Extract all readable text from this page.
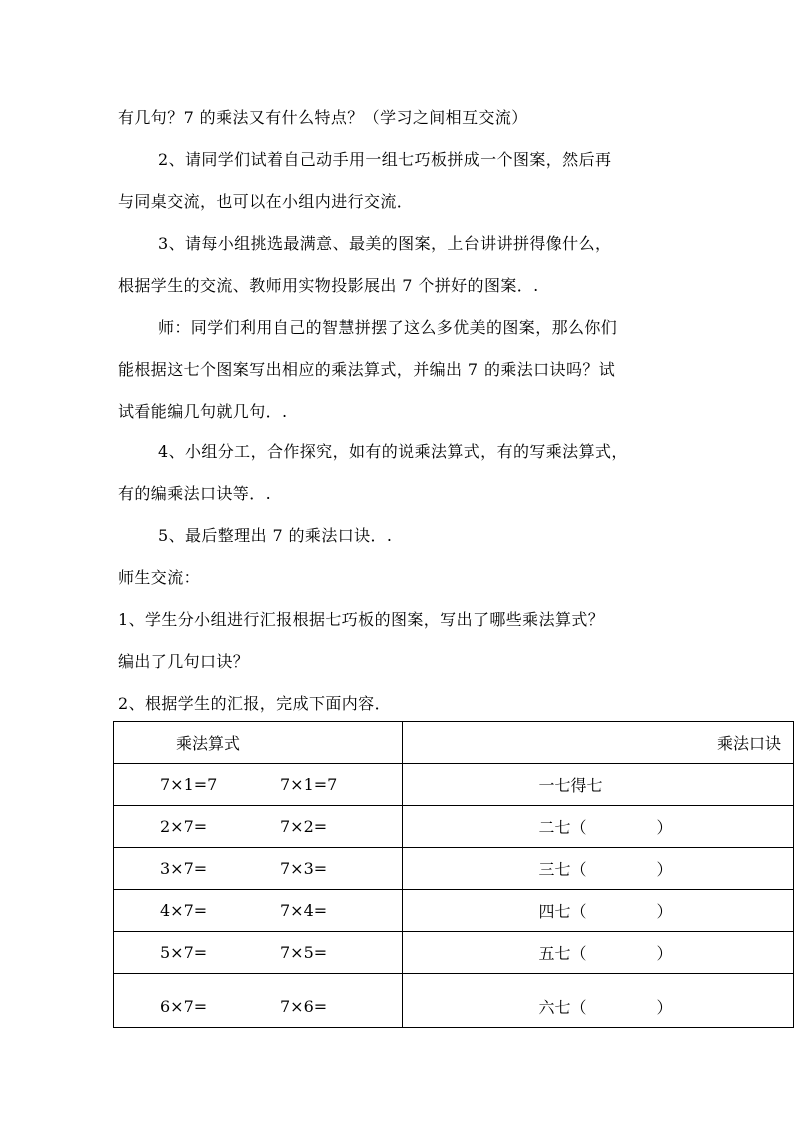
有几句？7 的乘法又有什么特点？（学习之间相互交流）
2、请同学们试着自己动手用一组七巧板拼成一个图案，然后再
与同桌交流，也可以在小组内进行交流．
3、请每小组挑选最满意、最美的图案，上台讲讲拼得像什么，
根据学生的交流、教师用实物投影展出 7 个拼好的图案．.
师：同学们利用自己的智慧拼摆了这么多优美的图案，那么你们
能根据这七个图案写出相应的乘法算式，并编出 7 的乘法口诀吗？试
试看能编几句就几句．.
4、小组分工，合作探究，如有的说乘法算式，有的写乘法算式，
有的编乘法口诀等．.
5、最后整理出 7 的乘法口诀．.
师生交流：
1、学生分小组进行汇报根据七巧板的图案，写出了哪些乘法算式？
编出了几句口诀？
2、根据学生的汇报，完成下面内容．
乘法算式	乘法口诀

7×1=7 7×1=7	一七得七

2×7= 7×2=	二七（ ）

3×7= 7×3=	三七（ ）

4×7= 7×4=	四七（ ）

5×7= 7×5=	五七（ ）

6×7= 7×6=	六七（ ）
